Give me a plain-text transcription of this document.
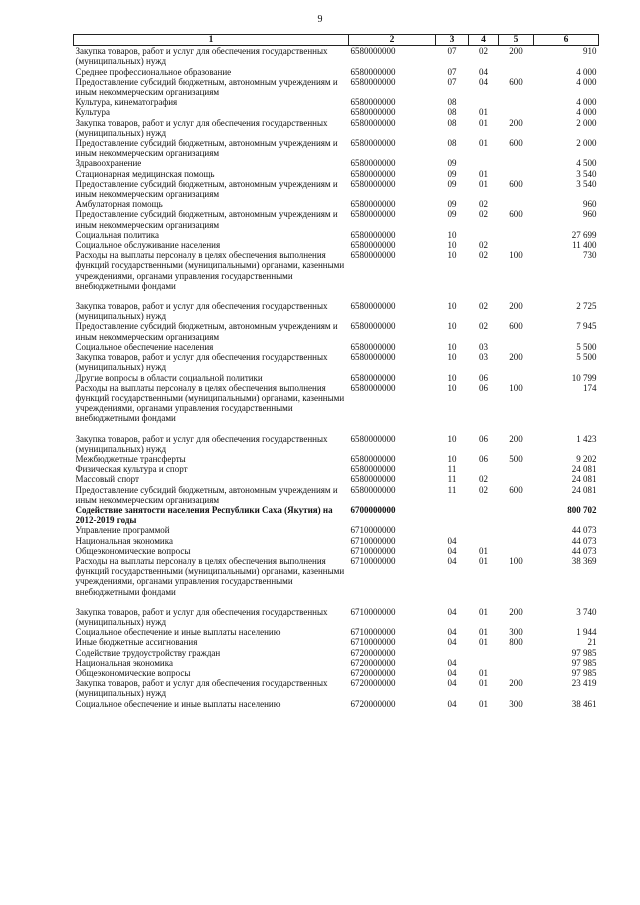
9
1	2	3	4	5	6
Закупка товаров, работ и услуг для обеспечения государственных (муниципальных) нужд	6580000000	07	02	200	910
Среднее профессиональное образование	6580000000	07	04		4 000
Предоставление субсидий бюджетным, автономным учреждениям и иным некоммерческим организациям	6580000000	07	04	600	4 000
Культура, кинематография	6580000000	08			4 000
Культура	6580000000	08	01		4 000
Закупка товаров, работ и услуг для обеспечения государственных (муниципальных) нужд	6580000000	08	01	200	2 000
Предоставление субсидий бюджетным, автономным учреждениям и иным некоммерческим организациям	6580000000	08	01	600	2 000
Здравоохранение	6580000000	09			4 500
Стационарная медицинская помощь	6580000000	09	01		3 540
Предоставление субсидий бюджетным, автономным учреждениям и иным некоммерческим организациям	6580000000	09	01	600	3 540
Амбулаторная помощь	6580000000	09	02		960
Предоставление субсидий бюджетным, автономным учреждениям и иным некоммерческим организациям	6580000000	09	02	600	960
Социальная политика	6580000000	10			27 699
Социальное обслуживание населения	6580000000	10	02		11 400
Расходы на выплаты персоналу в целях обеспечения выполнения функций государственными (муниципальными) органами, казенными учреждениями, органами управления государственными внебюджетными фондами	6580000000	10	02	100	730

Закупка товаров, работ и услуг для обеспечения государственных (муниципальных) нужд	6580000000	10	02	200	2 725
Предоставление субсидий бюджетным, автономным учреждениям и иным некоммерческим организациям	6580000000	10	02	600	7 945
Социальное обеспечение населения	6580000000	10	03		5 500
Закупка товаров, работ и услуг для обеспечения государственных (муниципальных) нужд	6580000000	10	03	200	5 500
Другие вопросы в области социальной политики	6580000000	10	06		10 799
Расходы на выплаты персоналу в целях обеспечения выполнения функций государственными (муниципальными) органами, казенными учреждениями, органами управления государственными внебюджетными фондами	6580000000	10	06	100	174

Закупка товаров, работ и услуг для обеспечения государственных (муниципальных) нужд	6580000000	10	06	200	1 423
Межбюджетные трансферты	6580000000	10	06	500	9 202
Физическая культура и спорт	6580000000	11			24 081
Массовый спорт	6580000000	11	02		24 081
Предоставление субсидий бюджетным, автономным учреждениям и иным некоммерческим организациям	6580000000	11	02	600	24 081
Содействие занятости населения Республики Саха (Якутия) на 2012-2019 годы	6700000000				800 702
Управление программой	6710000000				44 073
Национальная экономика	6710000000	04			44 073
Общеэкономические вопросы	6710000000	04	01		44 073
Расходы на выплаты персоналу в целях обеспечения выполнения функций государственными (муниципальными) органами, казенными учреждениями, органами управления государственными внебюджетными фондами	6710000000	04	01	100	38 369

Закупка товаров, работ и услуг для обеспечения государственных (муниципальных) нужд	6710000000	04	01	200	3 740
Социальное обеспечение и иные выплаты населению	6710000000	04	01	300	1 944
Иные бюджетные ассигнования	6710000000	04	01	800	21
Содействие трудоустройству граждан	6720000000				97 985
Национальная экономика	6720000000	04			97 985
Общеэкономические вопросы	6720000000	04	01		97 985
Закупка товаров, работ и услуг для обеспечения государственных (муниципальных) нужд	6720000000	04	01	200	23 419
Социальное обеспечение и иные выплаты населению	6720000000	04	01	300	38 461
